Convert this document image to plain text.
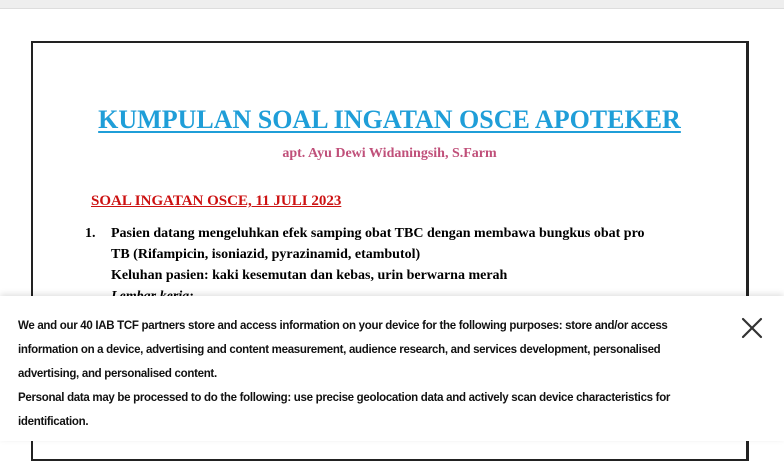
KUMPULAN SOAL INGATAN OSCE APOTEKER
apt. Ayu Dewi Widaningsih, S.Farm
SOAL INGATAN OSCE, 11 JULI 2023
1.	Pasien datang mengeluhkan efek samping obat TBC dengan membawa bungkus obat pro
TB (Rifampicin, isoniazid, pyrazinamid, etambutol)
Keluhan pasien: kaki kesemutan dan kebas, urin berwarna merah

We and our 40 IAB TCF partners store and access information on your device for the following purposes: store and/or access information on a device, advertising and content measurement, audience research, and services development, personalised advertising, and personalised content.

Personal data may be processed to do the following: use precise geolocation data and actively scan device characteristics for identification.
